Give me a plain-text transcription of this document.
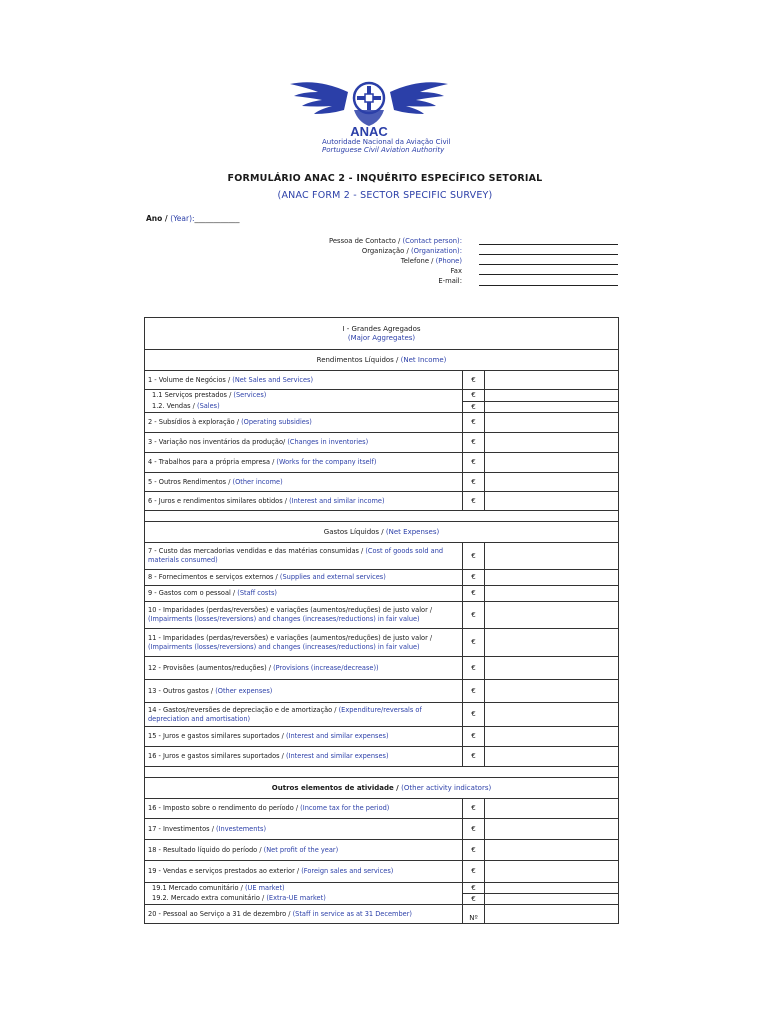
ANAC
Autoridade Nacional da Aviação Civil
Portuguese Civil Aviation Authority
FORMULÁRIO ANAC 2 - INQUÉRITO ESPECÍFICO SETORIAL
(ANAC FORM 2 - SECTOR SPECIFIC SURVEY)
Ano / (Year):____________
Pessoa de Contacto / (Contact person):
Organização / (Organization):
Telefone / (Phone)
Fax
E-mail:
I - Grandes Agregados
(Major Aggregates)		

Rendimentos Líquidos / (Net Income)		
1 - Volume de Negócios / (Net Sales and Services)	€	
1.1 Serviços prestados / (Services)	€	
1.2. Vendas / (Sales)	€	
2 - Subsídios à exploração / (Operating subsidies)	€	
3 - Variação nos inventários da produção/ (Changes in inventories)	€	
4 - Trabalhos para a própria empresa / (Works for the company itself)	€	
5 - Outros Rendimentos / (Other income)	€	
6 - Juros e rendimentos similares obtidos / (Interest and similar income)	€	

Gastos Líquidos / (Net Expenses)		
7 - Custo das mercadorias vendidas e das matérias consumidas / (Cost of goods sold and materials consumed)	€	
8 - Fornecimentos e serviços externos / (Supplies and external services)	€	
9 - Gastos com o pessoal / (Staff costs)	€	
10 - Imparidades (perdas/reversões) e variações (aumentos/reduções) de justo valor / (Impairments (losses/reversions) and changes (increases/reductions) in fair value)	€	
11 - Imparidades (perdas/reversões) e variações (aumentos/reduções) de justo valor / (Impairments (losses/reversions) and changes (increases/reductions) in fair value)	€	
12 - Provisões (aumentos/reduções) / (Provisions (increase/decrease))	€	
13 - Outros gastos / (Other expenses)	€	
14 - Gastos/reversões de depreciação e de amortização / (Expenditure/reversals of depreciation and amortisation)	€	
15 - Juros e gastos similares suportados / (Interest and similar expenses)	€	
16 - Juros e gastos similares suportados / (Interest and similar expenses)	€	

Outros elementos de atividade / (Other activity indicators)		
16 - Imposto sobre o rendimento do período / (Income tax for the period)	€	
17 - Investimentos / (Investements)	€	
18 - Resultado líquido do período / (Net profit of the year)	€	
19 - Vendas e serviços prestados ao exterior / (Foreign sales and services)	€	
19.1 Mercado comunitário / (UE market)	€	
19.2. Mercado extra comunitário / (Extra-UE market)	€	
20 - Pessoal ao Serviço a 31 de dezembro / (Staff in service as at 31 December)	Nº	
